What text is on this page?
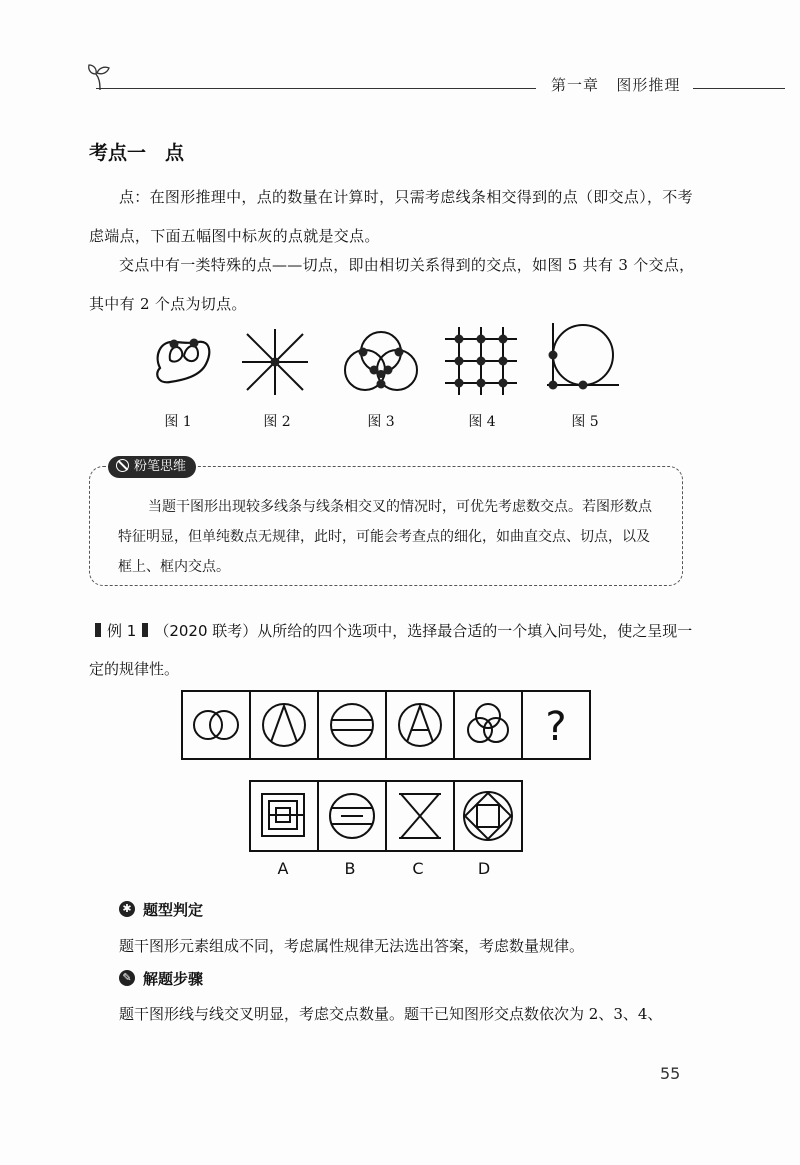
第一章 图形推理
考点一　点
点：在图形推理中，点的数量在计算时，只需考虑线条相交得到的点（即交点），不考虑端点，下面五幅图中标灰的点就是交点。
交点中有一类特殊的点——切点，即由相切关系得到的交点，如图 5 共有 3 个交点，其中有 2 个点为切点。
图 1	图 2	图 3	图 4	图 5
粉笔思维
当题干图形出现较多线条与线条相交叉的情况时，可优先考虑数交点。若图形数点特征明显，但单纯数点无规律，此时，可能会考查点的细化，如曲直交点、切点，以及框上、框内交点。
例 1 （2020 联考）从所给的四个选项中，选择最合适的一个填入问号处，使之呈现一定的规律性。
?
A	B	C	D
✱ 题型判定
题干图形元素组成不同，考虑属性规律无法选出答案，考虑数量规律。
✎ 解题步骤
题干图形线与线交叉明显，考虑交点数量。题干已知图形交点数依次为 2、3、4、
55
